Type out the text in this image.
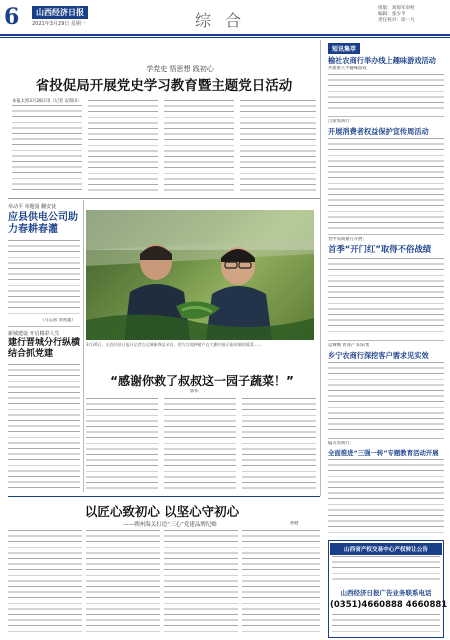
6	山西经济日报
2021年3月29日 星期一	综合
组版：刘海军审校
编辑：张少平
责任校对：徐一凡
学党史 悟思想 践初心
省投促局开展党史学习教育暨主题党日活动
本报太原3月28日讯（记者 安瑞田）
举动平 举题量 翻安徒
应县供电公司助力春耕春灌
（马志国 刘兆鑫）
新城建设 开启精彩人生
建行晋城分行纵横结合抓党建
3月26日，山西经济日报社记者在运城新绛县采访，图为当地种植户在大棚内展示刚采摘的蔬菜……
“感谢你救了叔叔这一园子蔬菜！”
郭伟
以匠心致初心 以坚心守初心
——朔州海关打造“三心”党建品牌纪略	孙健
短讯集萃
榆社农商行举办线上趣味游戏活动
共建重人学趣味游戏
吕梁农商行：
开展消费者权益保护宣传周活动
晋中农商银行开展：
首季“开门红”取得不俗战绩
运城峨 访谈产 阳采集
乡宁农商行深挖客户需求见实效
偏关农商行：
全面推进“三强一转”专题教育活动开展
山西省产权交易中心产权转让公告
山西经济日报广告业务联系电话
(0351)4660888 4660881
